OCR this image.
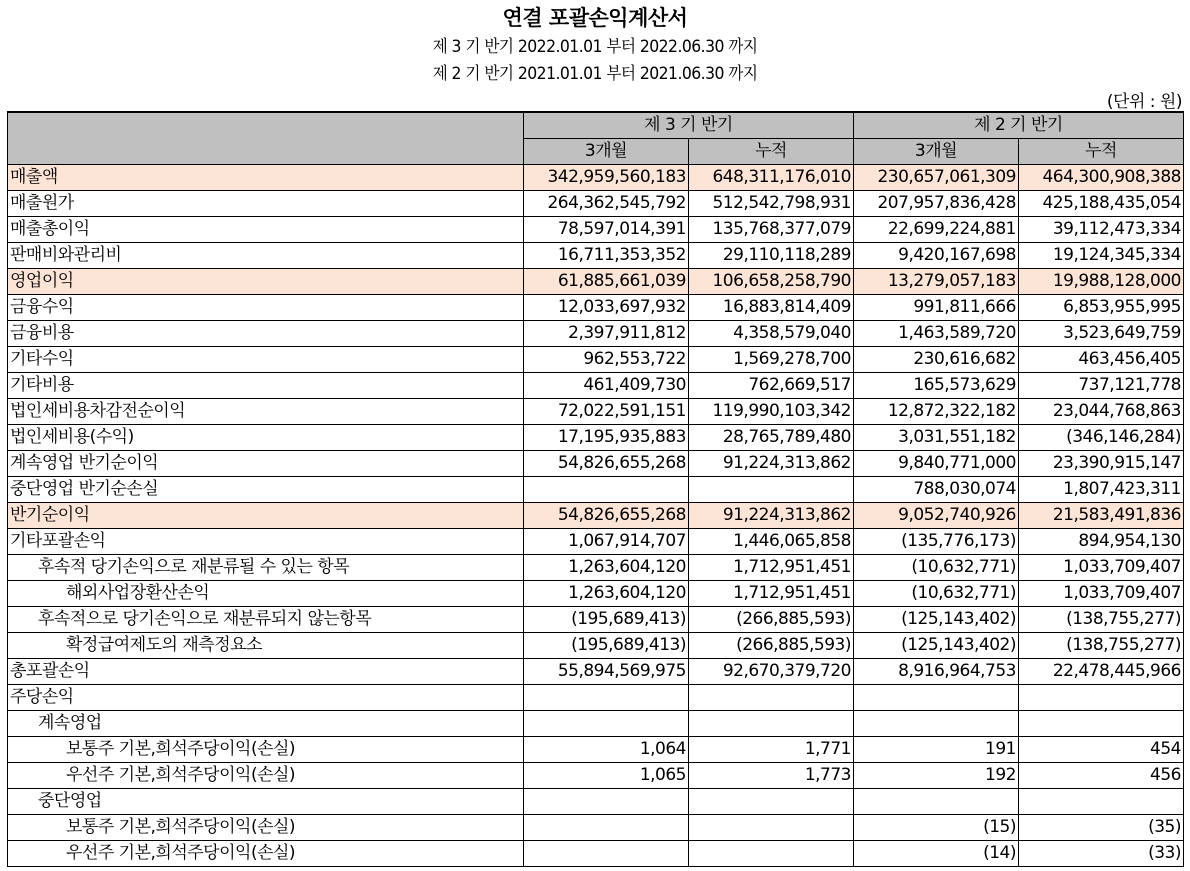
연결 포괄손익계산서
제 3 기 반기 2022.01.01 부터 2022.06.30 까지
제 2 기 반기 2021.01.01 부터 2021.06.30 까지
(단위 : 원)
	제 3 기 반기		제 2 기 반기	
	3개월	누적	3개월	누적
매출액	342,959,560,183	648,311,176,010	230,657,061,309	464,300,908,388
매출원가	264,362,545,792	512,542,798,931	207,957,836,428	425,188,435,054
매출총이익	78,597,014,391	135,768,377,079	22,699,224,881	39,112,473,334
판매비와관리비	16,711,353,352	29,110,118,289	9,420,167,698	19,124,345,334
영업이익	61,885,661,039	106,658,258,790	13,279,057,183	19,988,128,000
금융수익	12,033,697,932	16,883,814,409	991,811,666	6,853,955,995
금융비용	2,397,911,812	4,358,579,040	1,463,589,720	3,523,649,759
기타수익	962,553,722	1,569,278,700	230,616,682	463,456,405
기타비용	461,409,730	762,669,517	165,573,629	737,121,778
법인세비용차감전순이익	72,022,591,151	119,990,103,342	12,872,322,182	23,044,768,863
법인세비용(수익)	17,195,935,883	28,765,789,480	3,031,551,182	(346,146,284)
계속영업 반기순이익	54,826,655,268	91,224,313,862	9,840,771,000	23,390,915,147
중단영업 반기순손실			788,030,074	1,807,423,311
반기순이익	54,826,655,268	91,224,313,862	9,052,740,926	21,583,491,836
기타포괄손익	1,067,914,707	1,446,065,858	(135,776,173)	894,954,130
후속적 당기손익으로 재분류될 수 있는 항목	1,263,604,120	1,712,951,451	(10,632,771)	1,033,709,407
해외사업장환산손익	1,263,604,120	1,712,951,451	(10,632,771)	1,033,709,407
후속적으로 당기손익으로 재분류되지 않는항목	(195,689,413)	(266,885,593)	(125,143,402)	(138,755,277)
확정급여제도의 재측정요소	(195,689,413)	(266,885,593)	(125,143,402)	(138,755,277)
총포괄손익	55,894,569,975	92,670,379,720	8,916,964,753	22,478,445,966
주당손익				
계속영업				
보통주 기본,희석주당이익(손실)	1,064	1,771	191	454
우선주 기본,희석주당이익(손실)	1,065	1,773	192	456
중단영업				
보통주 기본,희석주당이익(손실)			(15)	(35)
우선주 기본,희석주당이익(손실)			(14)	(33)
